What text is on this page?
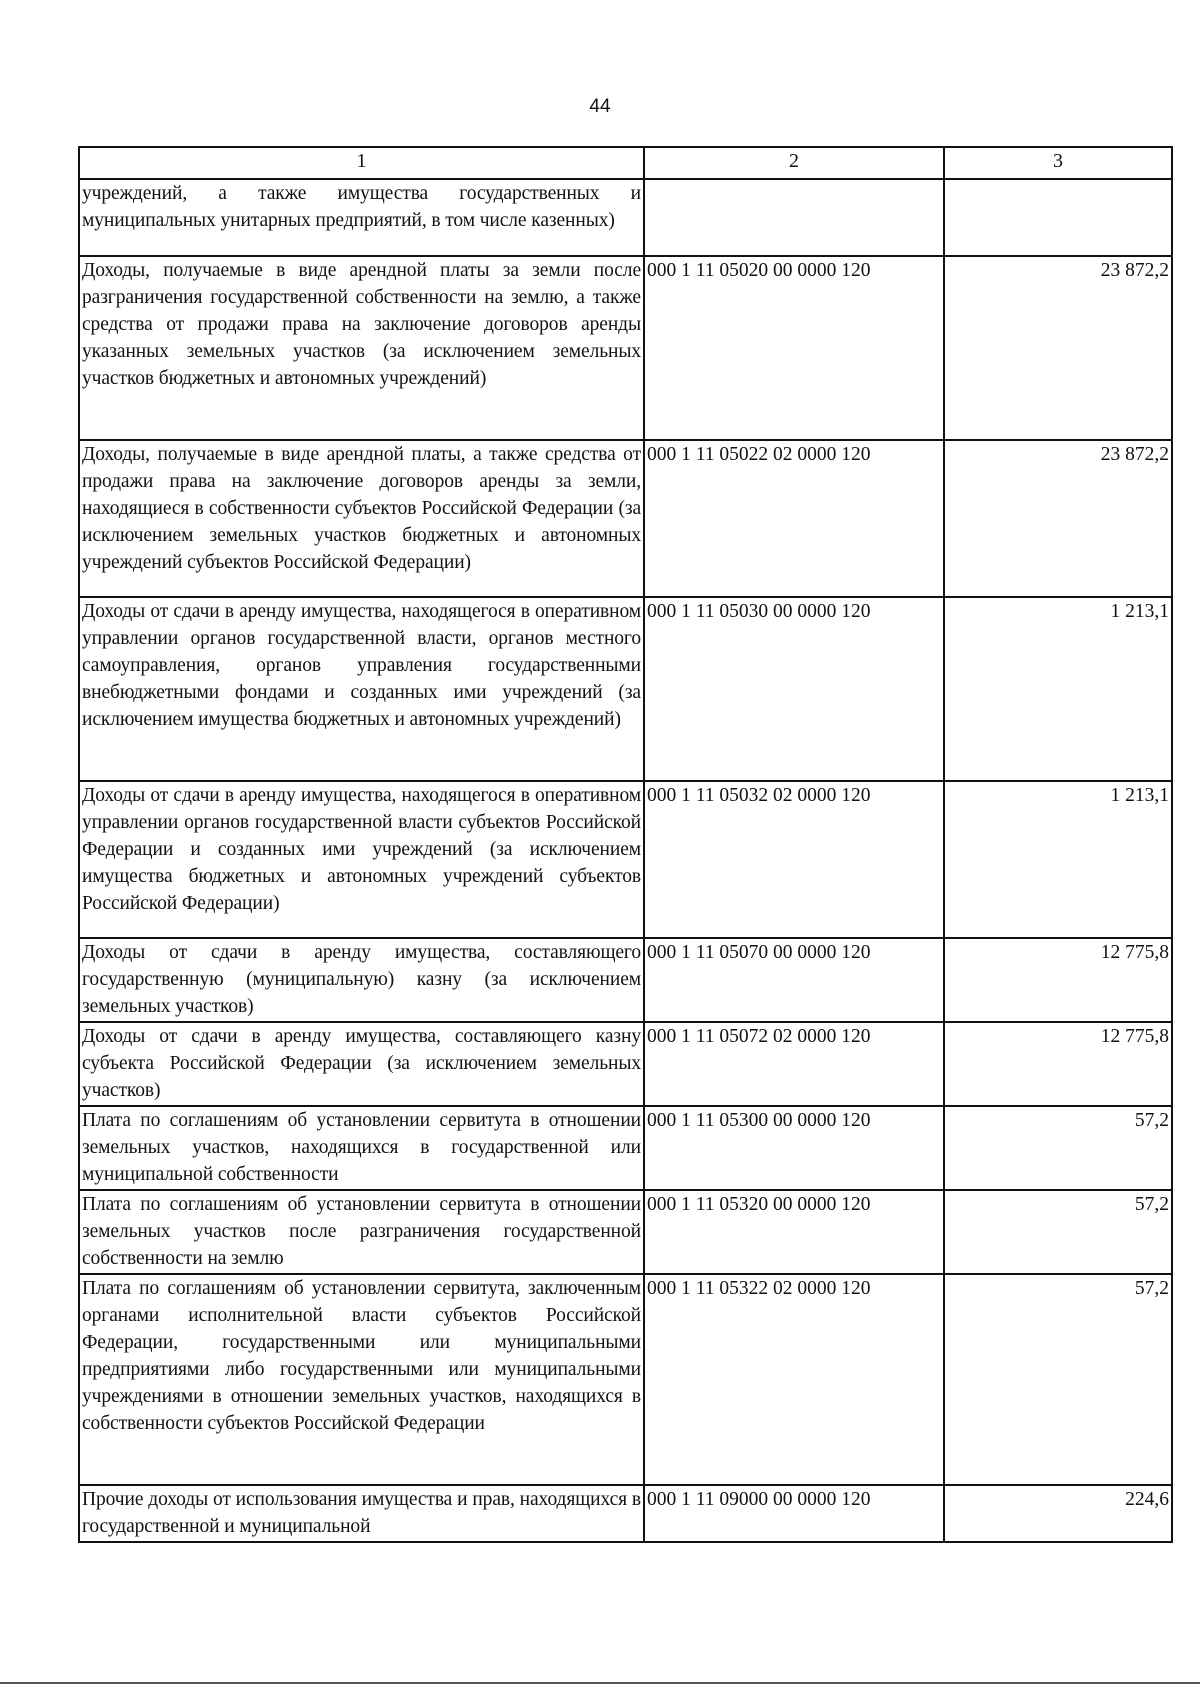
44
1	2	3
учреждений, а также имущества государственных и муниципальных унитарных предприятий, в том числе казенных)		
Доходы, получаемые в виде арендной платы за земли после разграничения государственной собственности на землю, а также средства от продажи права на заключение договоров аренды указанных земельных участков (за исключением земельных участков бюджетных и автономных учреждений)	000 1 11 05020 00 0000 120	23 872,2
Доходы, получаемые в виде арендной платы, а также средства от продажи права на заключение договоров аренды за земли, находящиеся в собственности субъектов Российской Федерации (за исключением земельных участков бюджетных и автономных учреждений субъектов Российской Федерации)	000 1 11 05022 02 0000 120	23 872,2
Доходы от сдачи в аренду имущества, находящегося в оперативном управлении органов государственной власти, органов местного самоуправления, органов управления государственными внебюджетными фондами и созданных ими учреждений (за исключением имущества бюджетных и автономных учреждений)	000 1 11 05030 00 0000 120	1 213,1
Доходы от сдачи в аренду имущества, находящегося в оперативном управлении органов государственной власти субъектов Российской Федерации и созданных ими учреждений (за исключением имущества бюджетных и автономных учреждений субъектов Российской Федерации)	000 1 11 05032 02 0000 120	1 213,1
Доходы от сдачи в аренду имущества, составляющего государственную (муниципальную) казну (за исключением земельных участков)	000 1 11 05070 00 0000 120	12 775,8
Доходы от сдачи в аренду имущества, составляющего казну субъекта Российской Федерации (за исключением земельных участков)	000 1 11 05072 02 0000 120	12 775,8
Плата по соглашениям об установлении сервитута в отношении земельных участков, находящихся в государственной или муниципальной собственности	000 1 11 05300 00 0000 120	57,2
Плата по соглашениям об установлении сервитута в отношении земельных участков после разграничения государственной собственности на землю	000 1 11 05320 00 0000 120	57,2
Плата по соглашениям об установлении сервитута, заключенным органами исполнительной власти субъектов Российской Федерации, государственными или муниципальными предприятиями либо государственными или муниципальными учреждениями в отношении земельных участков, находящихся в собственности субъектов Российской Федерации	000 1 11 05322 02 0000 120	57,2
Прочие доходы от использования имущества и прав, находящихся в государственной и муниципальной	000 1 11 09000 00 0000 120	224,6
